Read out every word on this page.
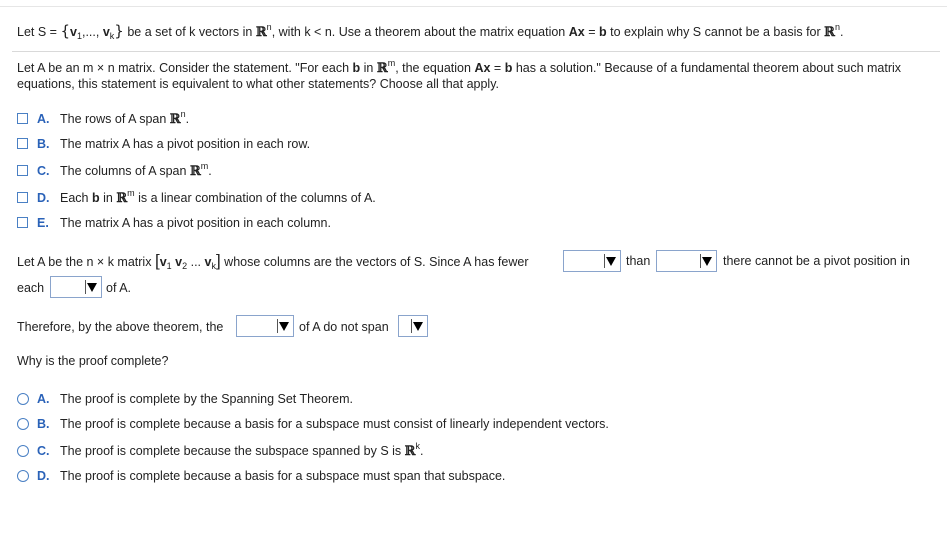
Let $S = \{v_1$,..., $v_k$} be a set of k vectors in ℝ$^n$, with k < n. Use a theorem about the matrix equation Ax = b to explain why S cannot be a basis for ℝ$^n$.
Let A be an m × n matrix. Consider the statement. "For each b in ℝ$^m$, the equation Ax = b has a solution." Because of a fundamental theorem about such matrix
equations, this statement is equivalent to what other statements? Choose all that apply.
A. The rows of A span ℝ$^n$.
B. The matrix A has a pivot position in each row.
C. The columns of A span ℝ$^m$.
D. Each b in ℝ$^m$ is a linear combination of the columns of A.
E. The matrix A has a pivot position in each column.
Let A be the n × k matrix [$v_1$ $v_2$ ... $v_k$] whose columns are the vectors of S. Since A has fewer	than	there cannot be a pivot position in
each	of A.
Therefore, by the above theorem, the	of A do not span
Why is the proof complete?
A. The proof is complete by the Spanning Set Theorem.
B. The proof is complete because a basis for a subspace must consist of linearly independent vectors.
C. The proof is complete because the subspace spanned by S is ℝ$^k$.
D. The proof is complete because a basis for a subspace must span that subspace.
